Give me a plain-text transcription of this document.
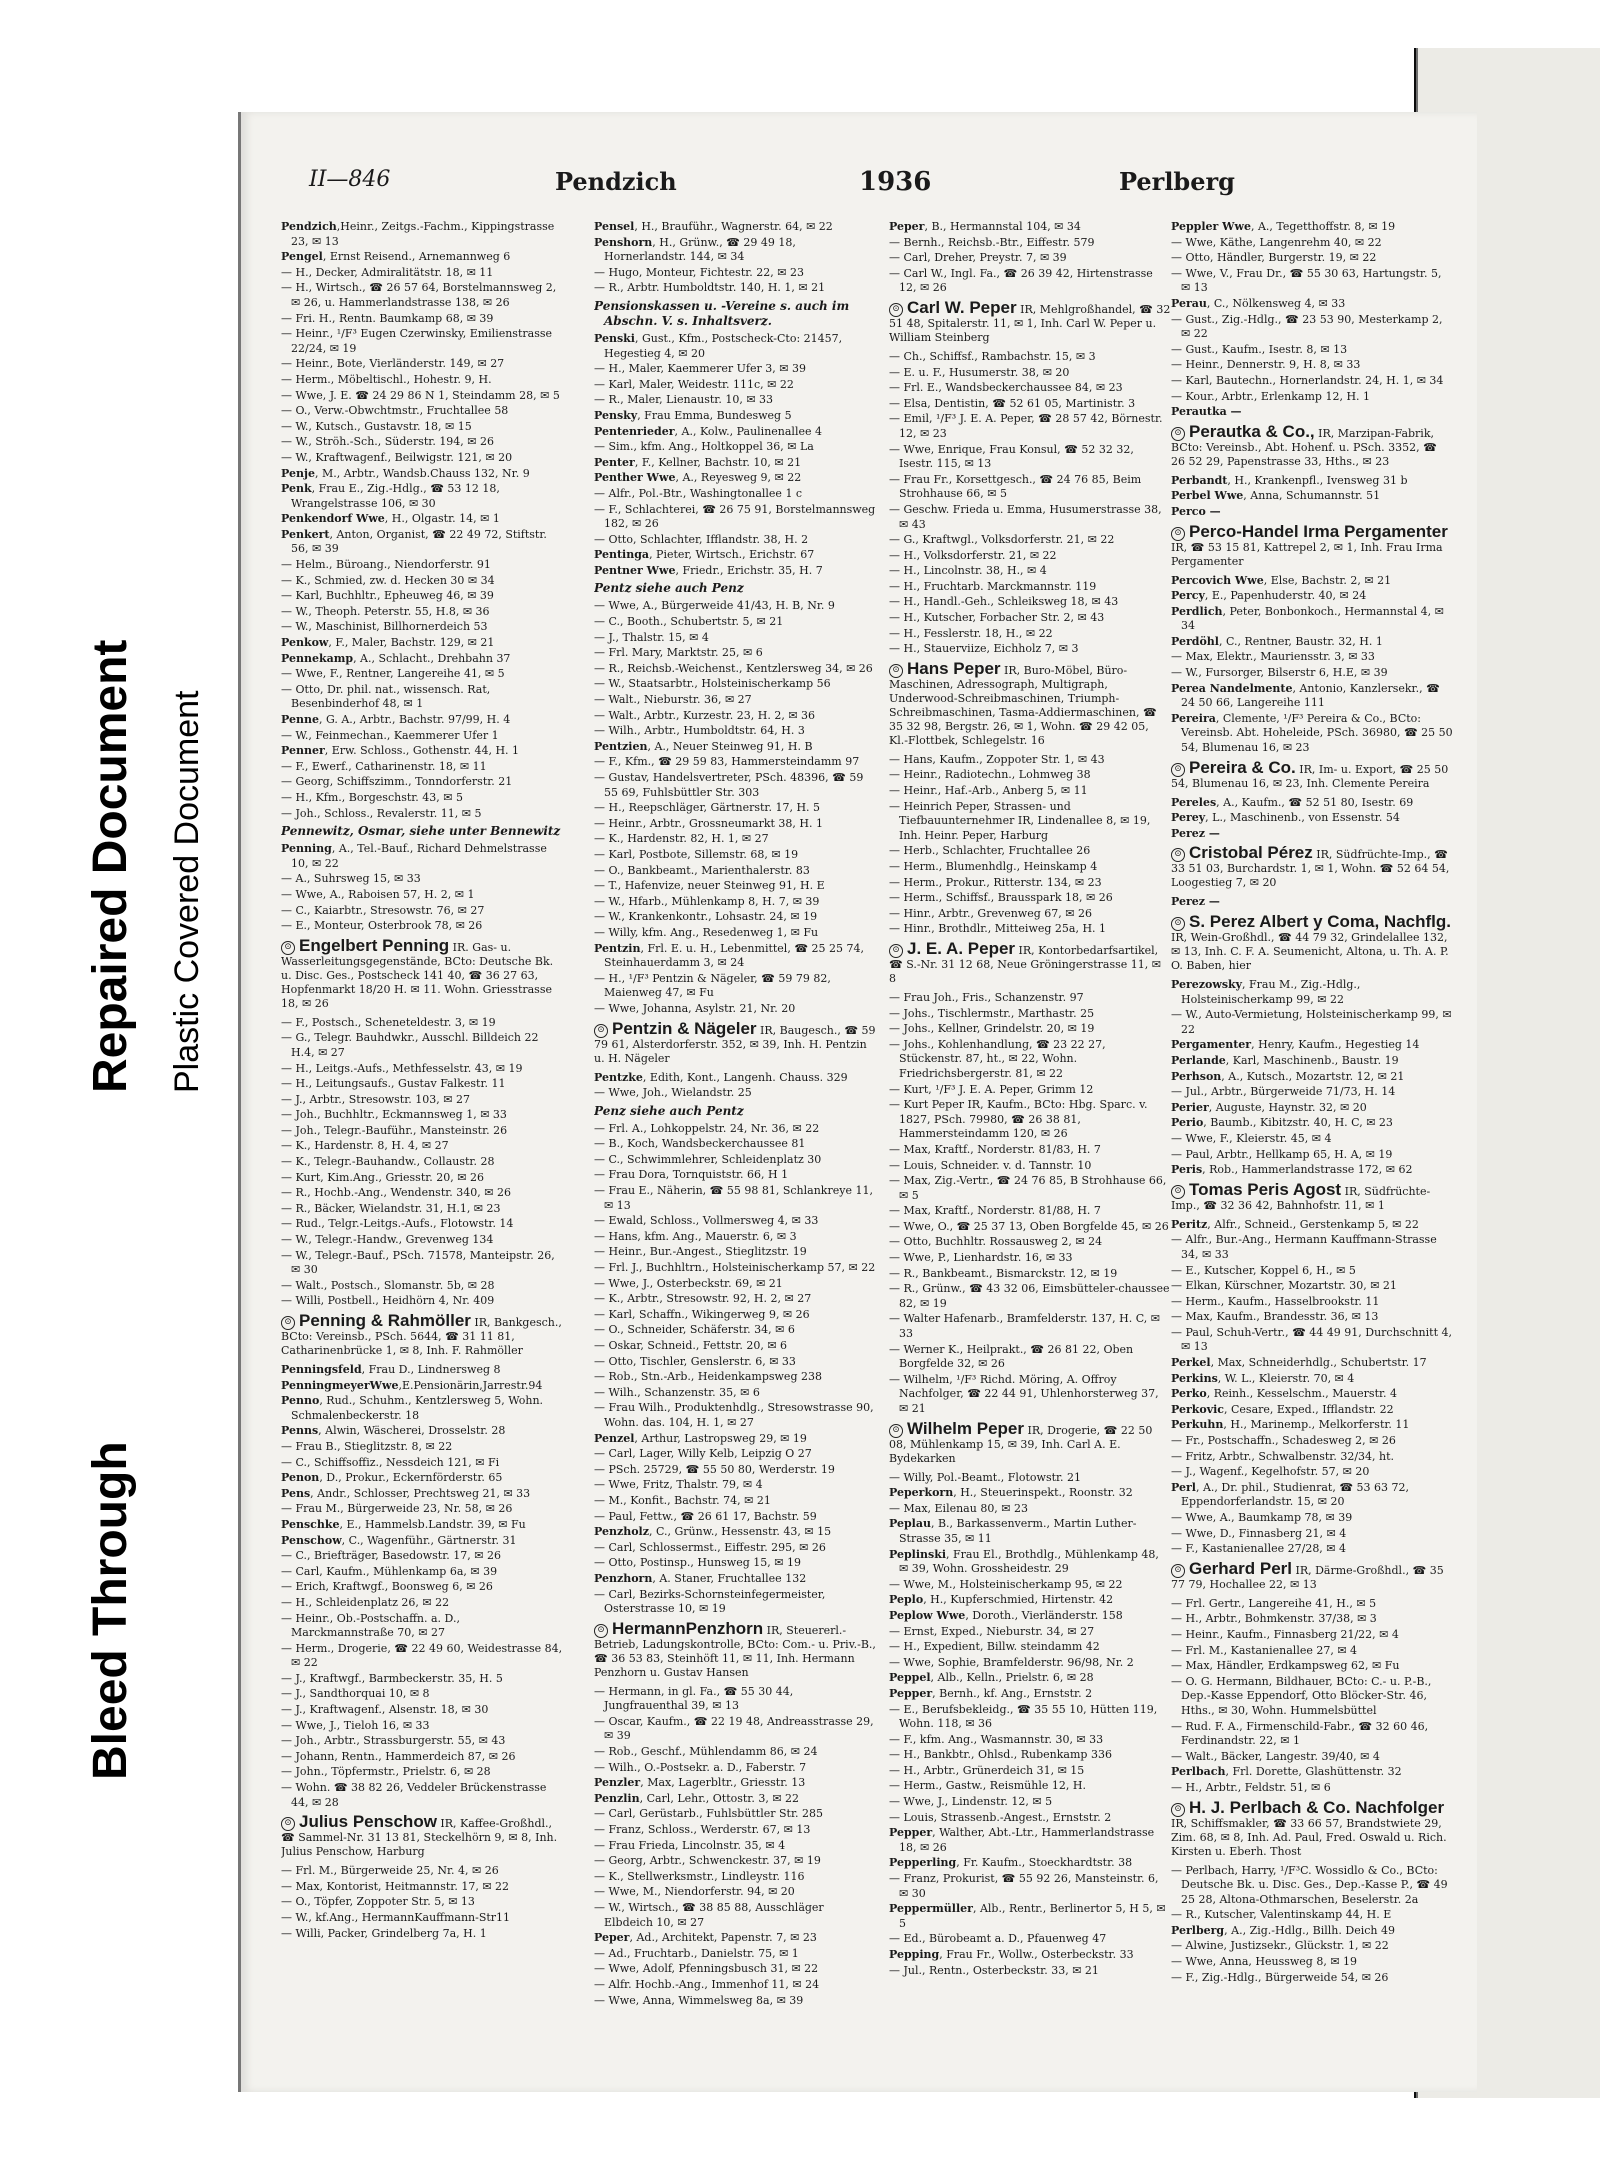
Bleed Through
Repaired Document Plastic Covered Document
II—846	Pendzich	1936	Perlberg
Pendzich,Heinr., Zeitgs.-Fachm., Kippingstrasse 23, ✉ 13
Pengel, Ernst Reisend., Arnemannweg 6
— H., Decker, Admiralitätstr. 18, ✉ 11
— H., Wirtsch., ☎ 26 57 64, Borstelmannsweg 2, ✉ 26, u. Hammerlandstrasse 138, ✉ 26
— Fri. H., Rentn. Baumkamp 68, ✉ 39
— Heinr., ¹/F³ Eugen Czerwinsky, Emilienstrasse 22/24, ✉ 19
— Heinr., Bote, Vierländerstr. 149, ✉ 27
— Herm., Möbeltischl., Hohestr. 9, H.
— Wwe, J. E. ☎ 24 29 86 N 1, Steindamm 28, ✉ 5
— O., Verw.-Obwchtmstr., Fruchtallee 58
— W., Kutsch., Gustavstr. 18, ✉ 15
— W., Ströh.-Sch., Süderstr. 194, ✉ 26
— W., Kraftwagenf., Beilwigstr. 121, ✉ 20
Penje, M., Arbtr., Wandsb.Chauss 132, Nr. 9
Penk, Frau E., Zig.-Hdlg., ☎ 53 12 18, Wrangelstrasse 106, ✉ 30
Penkendorf Wwe, H., Olgastr. 14, ✉ 1
Penkert, Anton, Organist, ☎ 22 49 72, Stiftstr. 56, ✉ 39
— Helm., Büroang., Niendorferstr. 91
— K., Schmied, zw. d. Hecken 30 ✉ 34
— Karl, Buchhltr., Epheuweg 46, ✉ 39
— W., Theoph. Peterstr. 55, H.8, ✉ 36
— W., Maschinist, Billhornerdeich 53
Penkow, F., Maler, Bachstr. 129, ✉ 21
Pennekamp, A., Schlacht., Drehbahn 37
— Wwe, F., Rentner, Langereihe 41, ✉ 5
— Otto, Dr. phil. nat., wissensch. Rat, Besenbinderhof 48, ✉ 1
Penne, G. A., Arbtr., Bachstr. 97/99, H. 4
— W., Feinmechan., Kaemmerer Ufer 1
Penner, Erw. Schloss., Gothenstr. 44, H. 1
— F., Ewerf., Catharinenstr. 18, ✉ 11
— Georg, Schiffszimm., Tonndorferstr. 21
— H., Kfm., Borgeschstr. 43, ✉ 5
— Joh., Schloss., Revalerstr. 11, ✉ 5
Pennewitz, Osmar, siehe unter Bennewitz
Penning, A., Tel.-Bauf., Richard Dehmelstrasse 10, ✉ 22
— A., Suhrsweg 15, ✉ 33
— Wwe, A., Raboisen 57, H. 2, ✉ 1
— C., Kaiarbtr., Stresowstr. 76, ✉ 27
— E., Monteur, Osterbrook 78, ✉ 26
⊙ Engelbert Penning IR. Gas- u. Wasserleitungsgegenstände, BCto: Deutsche Bk. u. Disc. Ges., Postscheck 141 40, ☎ 36 27 63, Hopfenmarkt 18/20 H. ✉ 11. Wohn. Griesstrasse 18, ✉ 26
— F., Postsch., Scheneteldestr. 3, ✉ 19
— G., Telegr. Bauhdwkr., Ausschl. Billdeich 22 H.4, ✉ 27
— H., Leitgs.-Aufs., Methfesselstr. 43, ✉ 19
— H., Leitungsaufs., Gustav Falkestr. 11
— J., Arbtr., Stresowstr. 103, ✉ 27
— Joh., Buchhltr., Eckmannsweg 1, ✉ 33
— Joh., Telegr.-Bauführ., Mansteinstr. 26
— K., Hardenstr. 8, H. 4, ✉ 27
— K., Telegr.-Bauhandw., Collaustr. 28
— Kurt, Kim.Ang., Griesstr. 20, ✉ 26
— R., Hochb.-Ang., Wendenstr. 340, ✉ 26
— R., Bäcker, Wielandstr. 31, H.1, ✉ 23
— Rud., Telgr.-Leitgs.-Aufs., Flotowstr. 14
— W., Telegr.-Handw., Grevenweg 134
— W., Telegr.-Bauf., PSch. 71578, Manteipstr. 26, ✉ 30
— Walt., Postsch., Slomanstr. 5b, ✉ 28
— Willi, Postbell., Heidhörn 4, Nr. 409
⊙ Penning & Rahmöller IR, Bankgesch., BCto: Vereinsb., PSch. 5644, ☎ 31 11 81, Catharinenbrücke 1, ✉ 8, Inh. F. Rahmöller
Penningsfeld, Frau D., Lindnersweg 8
PenningmeyerWwe,E.Pensionärin,Jarrestr.94
Penno, Rud., Schuhm., Kentzlersweg 5, Wohn. Schmalenbeckerstr. 18
Penns, Alwin, Wäscherei, Drosselstr. 28
— Frau B., Stieglitzstr. 8, ✉ 22
— C., Schiffsoffiz., Nessdeich 121, ✉ Fi
Penon, D., Prokur., Eckernförderstr. 65
Pens, Andr., Schlosser, Prechtsweg 21, ✉ 33
— Frau M., Bürgerweide 23, Nr. 58, ✉ 26
Penschke, E., Hammelsb.Landstr. 39, ✉ Fu
Penschow, C., Wagenführ., Gärtnerstr. 31
— C., Briefträger, Basedowstr. 17, ✉ 26
— Carl, Kaufm., Mühlenkamp 6a, ✉ 39
— Erich, Kraftwgf., Boonsweg 6, ✉ 26
— H., Schleidenplatz 26, ✉ 22
— Heinr., Ob.-Postschaffn. a. D., Marckmannstraße 70, ✉ 27
— Herm., Drogerie, ☎ 22 49 60, Weidestrasse 84, ✉ 22
— J., Kraftwgf., Barmbeckerstr. 35, H. 5
— J., Sandthorquai 10, ✉ 8
— J., Kraftwagenf., Alsenstr. 18, ✉ 30
— Wwe, J., Tieloh 16, ✉ 33
— Joh., Arbtr., Strassburgerstr. 55, ✉ 43
— Johann, Rentn., Hammerdeich 87, ✉ 26
— John., Töpfermstr., Prielstr. 6, ✉ 28
— Wohn. ☎ 38 82 26, Veddeler Brückenstrasse 44, ✉ 28
⊙ Julius Penschow IR, Kaffee-Großhdl., ☎ Sammel-Nr. 31 13 81, Steckelhörn 9, ✉ 8, Inh. Julius Penschow, Harburg
— Frl. M., Bürgerweide 25, Nr. 4, ✉ 26
— Max, Kontorist, Heitmannstr. 17, ✉ 22
— O., Töpfer, Zoppoter Str. 5, ✉ 13
— W., kf.Ang., HermannKauffmann-Str11
— Willi, Packer, Grindelberg 7a, H. 1
Pensel, H., Brauführ., Wagnerstr. 64, ✉ 22
Penshorn, H., Grünw., ☎ 29 49 18, Hornerlandstr. 144, ✉ 34
— Hugo, Monteur, Fichtestr. 22, ✉ 23
— R., Arbtr. Humboldtstr. 140, H. 1, ✉ 21
Pensionskassen u. -Vereine s. auch im Abschn. V. s. Inhaltsverz.
Penski, Gust., Kfm., Postscheck-Cto: 21457, Hegestieg 4, ✉ 20
— H., Maler, Kaemmerer Ufer 3, ✉ 39
— Karl, Maler, Weidestr. 111c, ✉ 22
— R., Maler, Lienaustr. 10, ✉ 33
Pensky, Frau Emma, Bundesweg 5
Pentenrieder, A., Kolw., Paulinenallee 4
— Sim., kfm. Ang., Holtkoppel 36, ✉ La
Penter, F., Kellner, Bachstr. 10, ✉ 21
Penther Wwe, A., Reyesweg 9, ✉ 22
— Alfr., Pol.-Btr., Washingtonallee 1 c
— F., Schlachterei, ☎ 26 75 91, Borstelmannsweg 182, ✉ 26
— Otto, Schlachter, Ifflandstr. 38, H. 2
Pentinga, Pieter, Wirtsch., Erichstr. 67
Pentner Wwe, Friedr., Erichstr. 35, H. 7
Pentz siehe auch Penz
— Wwe, A., Bürgerweide 41/43, H. B, Nr. 9
— C., Booth., Schubertstr. 5, ✉ 21
— J., Thalstr. 15, ✉ 4
— Frl. Mary, Marktstr. 25, ✉ 6
— R., Reichsb.-Weichenst., Kentzlersweg 34, ✉ 26
— W., Staatsarbtr., Holsteinischerkamp 56
— Walt., Nieburstr. 36, ✉ 27
— Walt., Arbtr., Kurzestr. 23, H. 2, ✉ 36
— Wilh., Arbtr., Humboldtstr. 64, H. 3
Pentzien, A., Neuer Steinweg 91, H. B
— F., Kfm., ☎ 29 59 83, Hammersteindamm 97
— Gustav, Handelsvertreter, PSch. 48396, ☎ 59 55 69, Fuhlsbüttler Str. 303
— H., Reepschläger, Gärtnerstr. 17, H. 5
— Heinr., Arbtr., Grossneumarkt 38, H. 1
— K., Hardenstr. 82, H. 1, ✉ 27
— Karl, Postbote, Sillemstr. 68, ✉ 19
— O., Bankbeamt., Marienthalerstr. 83
— T., Hafenvize, neuer Steinweg 91, H. E
— W., Hfarb., Mühlenkamp 8, H. 7, ✉ 39
— W., Krankenkontr., Lohsastr. 24, ✉ 19
— Willy, kfm. Ang., Resedenweg 1, ✉ Fu
Pentzin, Frl. E. u. H., Lebenmittel, ☎ 25 25 74, Steinhauerdamm 3, ✉ 24
— H., ¹/F³ Pentzin & Nägeler, ☎ 59 79 82, Maienweg 47, ✉ Fu
— Wwe, Johanna, Asylstr. 21, Nr. 20
⊙ Pentzin & Nägeler IR, Baugesch., ☎ 59 79 61, Alsterdorferstr. 352, ✉ 39, Inh. H. Pentzin u. H. Nägeler
Pentzke, Edith, Kont., Langenh. Chauss. 329
— Wwe, Joh., Wielandstr. 25
Penz siehe auch Pentz
— Frl. A., Lohkoppelstr. 24, Nr. 36, ✉ 22
— B., Koch, Wandsbeckerchaussee 81
— C., Schwimmlehrer, Schleidenplatz 30
— Frau Dora, Tornquiststr. 66, H 1
— Frau E., Näherin, ☎ 55 98 81, Schlankreye 11, ✉ 13
— Ewald, Schloss., Vollmersweg 4, ✉ 33
— Hans, kfm. Ang., Mauerstr. 6, ✉ 3
— Heinr., Bur.-Angest., Stieglitzstr. 19
— Frl. J., Buchhltrn., Holsteinischerkamp 57, ✉ 22
— Wwe, J., Osterbeckstr. 69, ✉ 21
— K., Arbtr., Stresowstr. 92, H. 2, ✉ 27
— Karl, Schaffn., Wikingerweg 9, ✉ 26
— O., Schneider, Schäferstr. 34, ✉ 6
— Oskar, Schneid., Fettstr. 20, ✉ 6
— Otto, Tischler, Genslerstr. 6, ✉ 33
— Rob., Stn.-Arb., Heidenkampsweg 238
— Wilh., Schanzenstr. 35, ✉ 6
— Frau Wilh., Produktenhdlg., Stresowstrasse 90, Wohn. das. 104, H. 1, ✉ 27
Penzel, Arthur, Lastropsweg 29, ✉ 19
— Carl, Lager, Willy Kelb, Leipzig O 27
— PSch. 25729, ☎ 55 50 80, Werderstr. 19
— Wwe, Fritz, Thalstr. 79, ✉ 4
— M., Konfit., Bachstr. 74, ✉ 21
— Paul, Fettw., ☎ 26 61 17, Bachstr. 59
Penzholz, C., Grünw., Hessenstr. 43, ✉ 15
— Carl, Schlossermst., Eiffestr. 295, ✉ 26
— Otto, Postinsp., Hunsweg 15, ✉ 19
Penzhorn, A. Staner, Fruchtallee 132
— Carl, Bezirks-Schornsteinfegermeister, Osterstrasse 10, ✉ 19
⊙ HermannPenzhorn IR, Steuererl.-Betrieb, Ladungskontrolle, BCto: Com.- u. Priv.-B., ☎ 36 53 83, Steinhöft 11, ✉ 11, Inh. Hermann Penzhorn u. Gustav Hansen
— Hermann, in gl. Fa., ☎ 55 30 44, Jungfrauenthal 39, ✉ 13
— Oscar, Kaufm., ☎ 22 19 48, Andreasstrasse 29, ✉ 39
— Rob., Geschf., Mühlendamm 86, ✉ 24
— Wilh., O.-Postsekr. a. D., Faberstr. 7
Penzler, Max, Lagerbltr., Griesstr. 13
Penzlin, Carl, Lehr., Ottostr. 3, ✉ 22
— Carl, Gerüstarb., Fuhlsbüttler Str. 285
— Franz, Schloss., Werderstr. 67, ✉ 13
— Frau Frieda, Lincolnstr. 35, ✉ 4
— Georg, Arbtr., Schwenckestr. 37, ✉ 19
— K., Stellwerksmstr., Lindleystr. 116
— Wwe, M., Niendorferstr. 94, ✉ 20
— W., Wirtsch., ☎ 38 85 88, Ausschläger Elbdeich 10, ✉ 27
Peper, Ad., Architekt, Papenstr. 7, ✉ 23
— Ad., Fruchtarb., Danielstr. 75, ✉ 1
— Wwe, Adolf, Pfenningsbusch 31, ✉ 22
— Alfr. Hochb.-Ang., Immenhof 11, ✉ 24
— Wwe, Anna, Wimmelsweg 8a, ✉ 39
Peper, B., Hermannstal 104, ✉ 34
— Bernh., Reichsb.-Btr., Eiffestr. 579
— Carl, Dreher, Preystr. 7, ✉ 39
— Carl W., Ingl. Fa., ☎ 26 39 42, Hirtenstrasse 12, ✉ 26
⊙ Carl W. Peper IR, Mehlgroßhandel, ☎ 32 51 48, Spitalerstr. 11, ✉ 1, Inh. Carl W. Peper u. William Steinberg
— Ch., Schiffsf., Rambachstr. 15, ✉ 3
— E. u. F., Husumerstr. 38, ✉ 20
— Frl. E., Wandsbeckerchaussee 84, ✉ 23
— Elsa, Dentistin, ☎ 52 61 05, Martinistr. 3
— Emil, ¹/F³ J. E. A. Peper, ☎ 28 57 42, Börnestr. 12, ✉ 23
— Wwe, Enrique, Frau Konsul, ☎ 52 32 32, Isestr. 115, ✉ 13
— Frau Fr., Korsettgesch., ☎ 24 76 85, Beim Strohhause 66, ✉ 5
— Geschw. Frieda u. Emma, Husumerstrasse 38, ✉ 43
— G., Kraftwgl., Volksdorferstr. 21, ✉ 22
— H., Volksdorferstr. 21, ✉ 22
— H., Lincolnstr. 38, H., ✉ 4
— H., Fruchtarb. Marckmannstr. 119
— H., Handl.-Geh., Schleiksweg 18, ✉ 43
— H., Kutscher, Forbacher Str. 2, ✉ 43
— H., Fesslerstr. 18, H., ✉ 22
— H., Stauerviize, Eichholz 7, ✉ 3
⊙ Hans Peper IR, Buro-Möbel, Büro-Maschinen, Adressograph, Multigraph, Underwood-Schreibmaschinen, Triumph-Schreibmaschinen, Tasma-Addiermaschinen, ☎ 35 32 98, Bergstr. 26, ✉ 1, Wohn. ☎ 29 42 05, Kl.-Flottbek, Schlegelstr. 16
— Hans, Kaufm., Zoppoter Str. 1, ✉ 43
— Heinr., Radiotechn., Lohmweg 38
— Heinr., Haf.-Arb., Anberg 5, ✉ 11
— Heinrich Peper, Strassen- und Tiefbauunternehmer IR, Lindenallee 8, ✉ 19, Inh. Heinr. Peper, Harburg
— Herb., Schlachter, Fruchtallee 26
— Herm., Blumenhdlg., Heinskamp 4
— Herm., Prokur., Ritterstr. 134, ✉ 23
— Herm., Schiffsf., Brausspark 18, ✉ 26
— Hinr., Arbtr., Grevenweg 67, ✉ 26
— Hinr., Brothdlr., Mitteiweg 25a, H. 1
⊙ J. E. A. Peper IR, Kontorbedarfsartikel, ☎ S.-Nr. 31 12 68, Neue Gröningerstrasse 11, ✉ 8
— Frau Joh., Fris., Schanzenstr. 97
— Johs., Tischlermstr., Marthastr. 25
— Johs., Kellner, Grindelstr. 20, ✉ 19
— Johs., Kohlenhandlung, ☎ 23 22 27, Stückenstr. 87, ht., ✉ 22, Wohn. Friedrichsbergerstr. 81, ✉ 22
— Kurt, ¹/F³ J. E. A. Peper, Grimm 12
— Kurt Peper IR, Kaufm., BCto: Hbg. Sparc. v. 1827, PSch. 79980, ☎ 26 38 81, Hammersteindamm 120, ✉ 26
— Max, Kraftf., Norderstr. 81/83, H. 7
— Louis, Schneider. v. d. Tannstr. 10
— Max, Zig.-Vertr., ☎ 24 76 85, B Strohhause 66, ✉ 5
— Max, Kraftf., Norderstr. 81/88, H. 7
— Wwe, O., ☎ 25 37 13, Oben Borgfelde 45, ✉ 26
— Otto, Buchhltr. Rossausweg 2, ✉ 24
— Wwe, P., Lienhardstr. 16, ✉ 33
— R., Bankbeamt., Bismarckstr. 12, ✉ 19
— R., Grünw., ☎ 43 32 06, Eimsbütteler-chaussee 82, ✉ 19
— Walter Hafenarb., Bramfelderstr. 137, H. C, ✉ 33
— Werner K., Heilprakt., ☎ 26 81 22, Oben Borgfelde 32, ✉ 26
— Wilhelm, ¹/F³ Richd. Möring, A. Offroy Nachfolger, ☎ 22 44 91, Uhlenhorsterweg 37, ✉ 21
⊙ Wilhelm Peper IR, Drogerie, ☎ 22 50 08, Mühlenkamp 15, ✉ 39, Inh. Carl A. E. Bydekarken
— Willy, Pol.-Beamt., Flotowstr. 21
Peperkorn, H., Steuerinspekt., Roonstr. 32
— Max, Eilenau 80, ✉ 23
Peplau, B., Barkassenverm., Martin Luther-Strasse 35, ✉ 11
Peplinski, Frau El., Brothdlg., Mühlenkamp 48, ✉ 39, Wohn. Grossheidestr. 29
— Wwe, M., Holsteinischerkamp 95, ✉ 22
Peplo, H., Kupferschmied, Hirtenstr. 42
Peplow Wwe, Doroth., Vierländerstr. 158
— Ernst, Exped., Nieburstr. 34, ✉ 27
— H., Expedient, Billw. steindamm 42
— Wwe, Sophie, Bramfelderstr. 96/98, Nr. 2
Peppel, Alb., Kelln., Prielstr. 6, ✉ 28
Pepper, Bernh., kf. Ang., Ernststr. 2
— E., Berufsbekleidg., ☎ 35 55 10, Hütten 119, Wohn. 118, ✉ 36
— F., kfm. Ang., Wasmannstr. 30, ✉ 33
— H., Bankbtr., Ohlsd., Rubenkamp 336
— H., Arbtr., Grünerdeich 31, ✉ 15
— Herm., Gastw., Reismühle 12, H.
— Wwe, J., Lindenstr. 12, ✉ 5
— Louis, Strassenb.-Angest., Ernststr. 2
Pepper, Walther, Abt.-Ltr., Hammerlandstrasse 18, ✉ 26
Pepperling, Fr. Kaufm., Stoeckhardtstr. 38
— Franz, Prokurist, ☎ 55 92 26, Mansteinstr. 6, ✉ 30
Peppermüller, Alb., Rentr., Berlinertor 5, H 5, ✉ 5
— Ed., Bürobeamt a. D., Pfauenweg 47
Pepping, Frau Fr., Wollw., Osterbeckstr. 33
— Jul., Rentn., Osterbeckstr. 33, ✉ 21
Peppler Wwe, A., Tegetthoffstr. 8, ✉ 19
— Wwe, Käthe, Langenrehm 40, ✉ 22
— Otto, Händler, Burgerstr. 19, ✉ 22
— Wwe, V., Frau Dr., ☎ 55 30 63, Hartungstr. 5, ✉ 13
Perau, C., Nölkensweg 4, ✉ 33
— Gust., Zig.-Hdlg., ☎ 23 53 90, Mesterkamp 2, ✉ 22
— Gust., Kaufm., Isestr. 8, ✉ 13
— Heinr., Dennerstr. 9, H. 8, ✉ 33
— Karl, Bautechn., Hornerlandstr. 24, H. 1, ✉ 34
— Kour., Arbtr., Erlenkamp 12, H. 1
Perautka —
⊙ Perautka & Co., IR, Marzipan-Fabrik, BCto: Vereinsb., Abt. Hohenf. u. PSch. 3352, ☎ 26 52 29, Papenstrasse 33, Hths., ✉ 23
Perbandt, H., Krankenpfl., Ivensweg 31 b
Perbel Wwe, Anna, Schumannstr. 51
Perco —
⊙ Perco-Handel Irma Pergamenter IR, ☎ 53 15 81, Kattrepel 2, ✉ 1, Inh. Frau Irma Pergamenter
Percovich Wwe, Else, Bachstr. 2, ✉ 21
Percy, E., Papenhuderstr. 40, ✉ 24
Perdlich, Peter, Bonbonkoch., Hermannstal 4, ✉ 34
Perdöhl, C., Rentner, Baustr. 32, H. 1
— Max, Elektr., Mauriensstr. 3, ✉ 33
— W., Fursorger, Bilserstr 6, H.E, ✉ 39
Perea Nandelmente, Antonio, Kanzlersekr., ☎ 24 50 66, Langereihe 111
Pereira, Clemente, ¹/F³ Pereira & Co., BCto: Vereinsb. Abt. Hoheleide, PSch. 36980, ☎ 25 50 54, Blumenau 16, ✉ 23
⊙ Pereira & Co. IR, Im- u. Export, ☎ 25 50 54, Blumenau 16, ✉ 23, Inh. Clemente Pereira
Pereles, A., Kaufm., ☎ 52 51 80, Isestr. 69
Perey, L., Maschinenb., von Essenstr. 54
Perez —
⊙ Cristobal Pérez IR, Südfrüchte-Imp., ☎ 33 51 03, Burchardstr. 1, ✉ 1, Wohn. ☎ 52 64 54, Loogestieg 7, ✉ 20
Perez —
⊙ S. Perez Albert y Coma, Nachflg. IR, Wein-Großhdl., ☎ 44 79 32, Grindelallee 132, ✉ 13, Inh. C. F. A. Seumenicht, Altona, u. Th. A. P. O. Baben, hier
Perezowsky, Frau M., Zig.-Hdlg., Holsteinischerkamp 99, ✉ 22
— W., Auto-Vermietung, Holsteinischerkamp 99, ✉ 22
Pergamenter, Henry, Kaufm., Hegestieg 14
Perlande, Karl, Maschinenb., Baustr. 19
Perhson, A., Kutsch., Mozartstr. 12, ✉ 21
— Jul., Arbtr., Bürgerweide 71/73, H. 14
Perier, Auguste, Haynstr. 32, ✉ 20
Perio, Baumb., Kibitzstr. 40, H. C, ✉ 23
— Wwe, F., Kleierstr. 45, ✉ 4
— Paul, Arbtr., Hellkamp 65, H. A, ✉ 19
Peris, Rob., Hammerlandstrasse 172, ✉ 62
⊙ Tomas Peris Agost IR, Südfrüchte-Imp., ☎ 32 36 42, Bahnhofstr. 11, ✉ 1
Peritz, Alfr., Schneid., Gerstenkamp 5, ✉ 22
— Alfr., Bur.-Ang., Hermann Kauffmann-Strasse 34, ✉ 33
— E., Kutscher, Koppel 6, H., ✉ 5
— Elkan, Kürschner, Mozartstr. 30, ✉ 21
— Herm., Kaufm., Hasselbrookstr. 11
— Max, Kaufm., Brandesstr. 36, ✉ 13
— Paul, Schuh-Vertr., ☎ 44 49 91, Durchschnitt 4, ✉ 13
Perkel, Max, Schneiderhdlg., Schubertstr. 17
Perkins, W. L., Kleierstr. 70, ✉ 4
Perko, Reinh., Kesselschm., Mauerstr. 4
Perkovic, Cesare, Exped., Ifflandstr. 22
Perkuhn, H., Marinemp., Melkorferstr. 11
— Fr., Postschaffn., Schadesweg 2, ✉ 26
— Fritz, Arbtr., Schwalbenstr. 32/34, ht.
— J., Wagenf., Kegelhofstr. 57, ✉ 20
Perl, A., Dr. phil., Studienrat, ☎ 53 63 72, Eppendorferlandstr. 15, ✉ 20
— Wwe, A., Baumkamp 78, ✉ 39
— Wwe, D., Finnasberg 21, ✉ 4
— F., Kastanienallee 27/28, ✉ 4
⊙ Gerhard Perl IR, Därme-Großhdl., ☎ 35 77 79, Hochallee 22, ✉ 13
— Frl. Gertr., Langereihe 41, H., ✉ 5
— H., Arbtr., Bohmkenstr. 37/38, ✉ 3
— Heinr., Kaufm., Finnasberg 21/22, ✉ 4
— Frl. M., Kastanienallee 27, ✉ 4
— Max, Händler, Erdkampsweg 62, ✉ Fu
— O. G. Hermann, Bildhauer, BCto: C.- u. P.-B., Dep.-Kasse Eppendorf, Otto Blöcker-Str. 46, Hths., ✉ 30, Wohn. Hummelsbüttel
— Rud. F. A., Firmenschild-Fabr., ☎ 32 60 46, Ferdinandstr. 22, ✉ 1
— Walt., Bäcker, Langestr. 39/40, ✉ 4
Perlbach, Frl. Dorette, Glashüttenstr. 32
— H., Arbtr., Feldstr. 51, ✉ 6
⊙ H. J. Perlbach & Co. Nachfolger IR, Schiffsmakler, ☎ 33 66 57, Brandstwiete 29, Zim. 68, ✉ 8, Inh. Ad. Paul, Fred. Oswald u. Rich. Kirsten u. Eberh. Thost
— Perlbach, Harry, ¹/F³C. Wossidlo & Co., BCto: Deutsche Bk. u. Disc. Ges., Dep.-Kasse P., ☎ 49 25 28, Altona-Othmarschen, Beselerstr. 2a
— R., Kutscher, Valentinskamp 44, H. E
Perlberg, A., Zig.-Hdlg., Billh. Deich 49
— Alwine, Justizsekr., Glückstr. 1, ✉ 22
— Wwe, Anna, Heussweg 8, ✉ 19
— F., Zig.-Hdlg., Bürgerweide 54, ✉ 26
